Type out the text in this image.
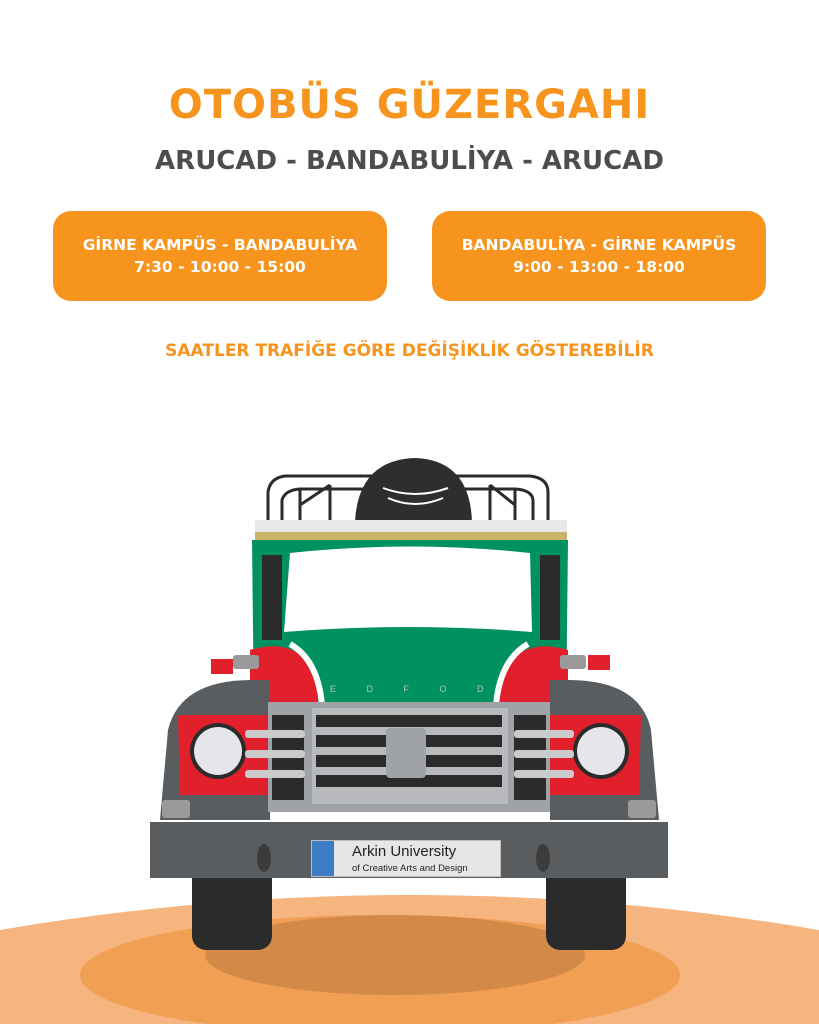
E D F O D
Arkin University
of Creative Arts and Design
OTOBÜS GÜZERGAHI
ARUCAD - BANDABULİYA - ARUCAD
GİRNE KAMPÜS - BANDABULİYA
7:30 - 10:00 - 15:00
BANDABULİYA - GİRNE KAMPÜS
9:00 - 13:00 - 18:00
SAATLER TRAFİĞE GÖRE DEĞİŞİKLİK GÖSTEREBİLİR
